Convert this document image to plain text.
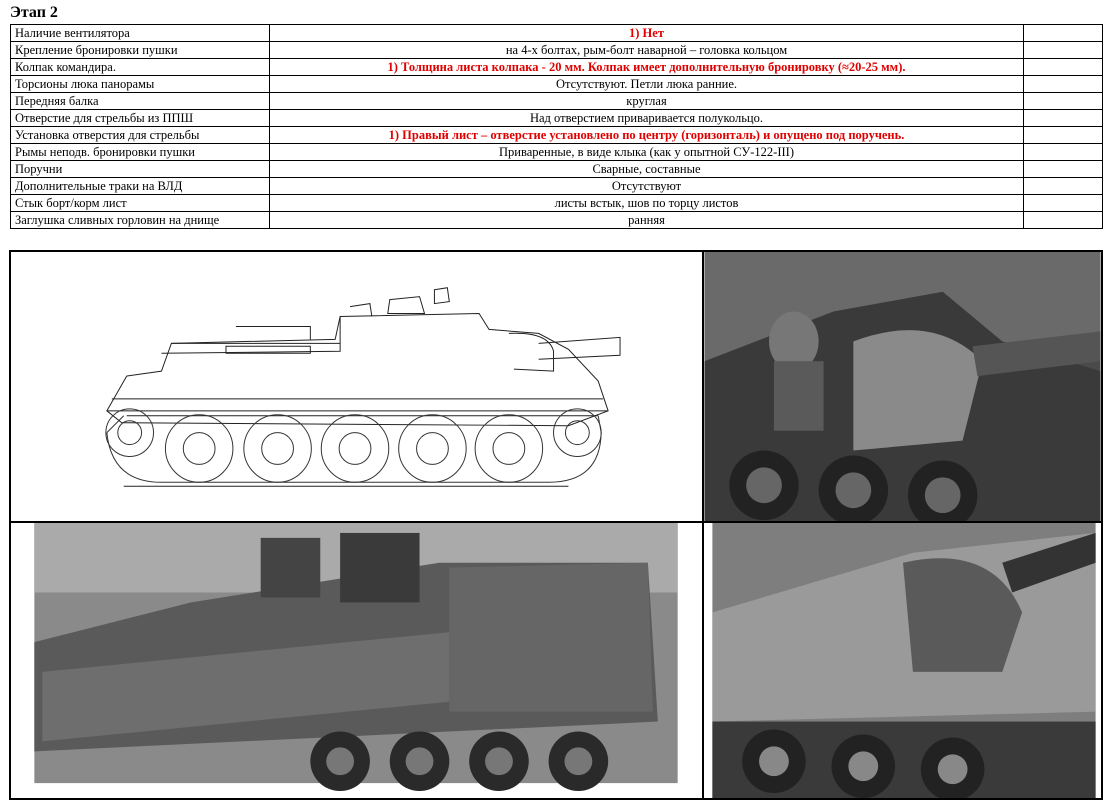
Этап 2
Наличие вентилятора	1) Нет	
Крепление бронировки пушки	на 4-х болтах, рым-болт наварной – головка кольцом	
Колпак командира.	1) Толщина листа колпака - 20 мм. Колпак имеет дополнительную бронировку (≈20-25 мм).	
Торсионы люка панорамы	Отсутствуют. Петли люка ранние.	
Передняя балка	круглая	
Отверстие для стрельбы из ППШ	Над отверстием приваривается полукольцо.	
Установка отверстия для стрельбы	1) Правый лист – отверстие установлено по центру (горизонталь) и опущено под поручень.	
Рымы неподв. бронировки пушки	Приваренные, в виде клыка (как у опытной СУ-122-III)	
Поручни	Сварные, составные	
Дополнительные траки на ВЛД	Отсутствуют	
Стык борт/корм лист	листы встык, шов по торцу листов	
Заглушка сливных горловин на днище	ранняя	
